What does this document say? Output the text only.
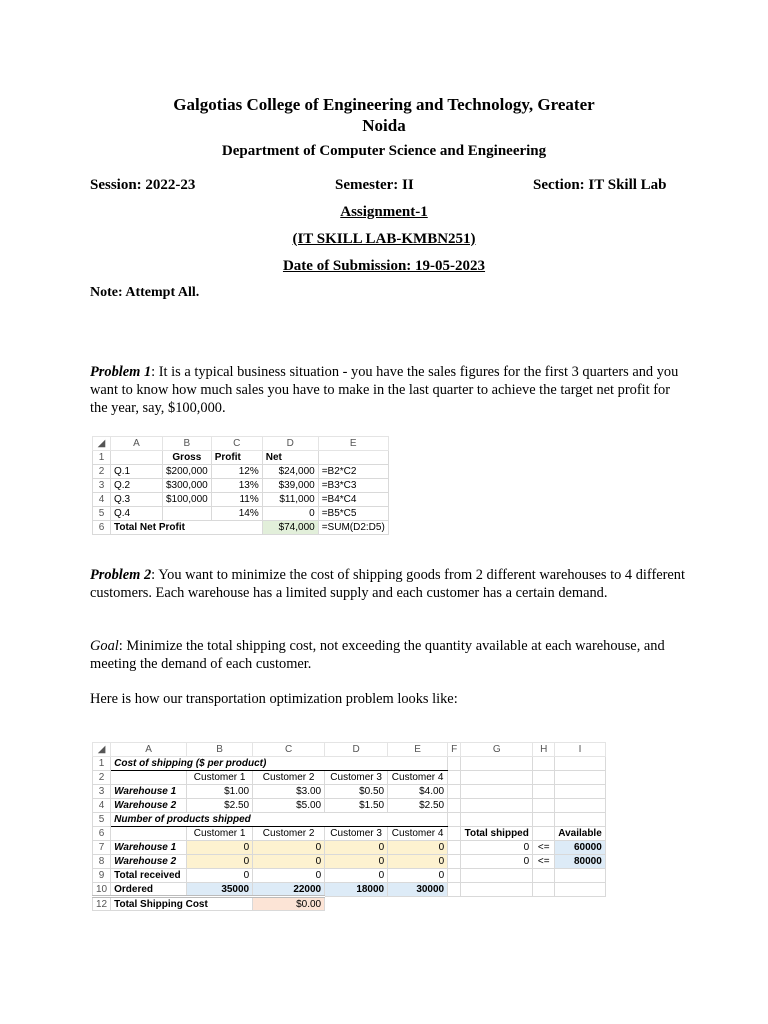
Galgotias College of Engineering and Technology, Greater
Noida
Department of Computer Science and Engineering
Session: 2022-23	Semester: II	Section: IT Skill Lab
Assignment-1
(IT SKILL LAB-KMBN251)
Date of Submission: 19-05-2023
Note: Attempt All.
Problem 1: It is a typical business situation - you have the sales figures for the first 3 quarters and you want to know how much sales you have to make in the last quarter to achieve the target net profit for the year, say, $100,000.
◢	A	B	C	D	E
1		Gross	Profit	Net	
2	Q.1	$200,000	12%	$24,000	=B2*C2
3	Q.2	$300,000	13%	$39,000	=B3*C3
4	Q.3	$100,000	11%	$11,000	=B4*C4
5	Q.4		14%	0	=B5*C5
6	Total Net Profit			$74,000	=SUM(D2:D5)
Problem 2: You want to minimize the cost of shipping goods from 2 different warehouses to 4 different customers. Each warehouse has a limited supply and each customer has a certain demand.
Goal: Minimize the total shipping cost, not exceeding the quantity available at each warehouse, and meeting the demand of each customer.
Here is how our transportation optimization problem looks like:
◢	A	B	C	D	E	F	G	H	I
1	Cost of shipping ($ per product)								
2		Customer 1	Customer 2	Customer 3	Customer 4				
3	Warehouse 1	$1.00	$3.00	$0.50	$4.00				
4	Warehouse 2	$2.50	$5.00	$1.50	$2.50				
5	Number of products shipped								
6		Customer 1	Customer 2	Customer 3	Customer 4		Total shipped		Available
7	Warehouse 1	0	0	0	0		0	<=	60000
8	Warehouse 2	0	0	0	0		0	<=	80000
9	Total received	0	0	0	0				
10	Ordered	35000	22000	18000	30000				
12	Total Shipping Cost		$0.00						
